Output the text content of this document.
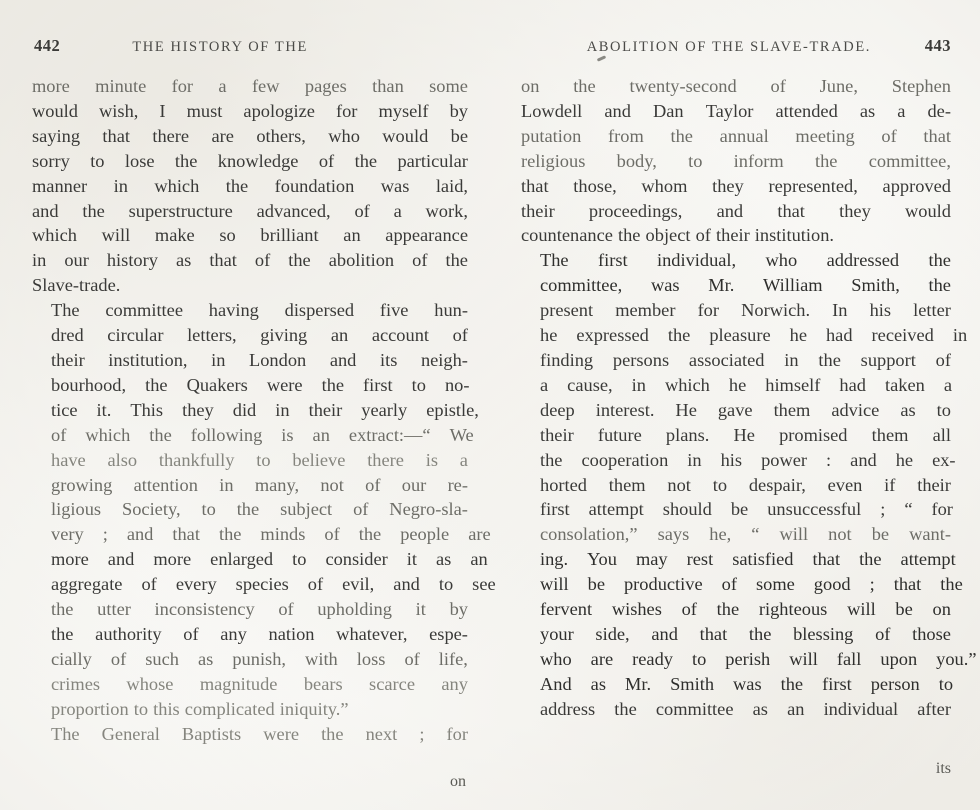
442	THE HISTORY OF THE

more minute for a few pages than some
would wish, I must apologize for myself by
saying that there are others, who would be
sorry to lose the knowledge of the particular
manner in which the foundation was laid,
and the superstructure advanced, of a work,
which will make so brilliant an appearance
in our history as that of the abolition of the
Slave-trade.

The	committee	having	dispersed	five	hun-
dred	circular	letters,	giving	an	account	of
their	institution,	in	London	and	its	neigh-
bourhood,	the	Quakers	were	the	first	to	no-
tice	it.	This	they	did	in	their	yearly	epistle,
of	which	the	following	is	an	extract:—“	We
have	also	thankfully	to	believe	there	is	a
growing	attention	in	many,	not	of	our	re-
ligious	Society,	to	the	subject	of	Negro-sla-
very	;	and	that	the	minds	of	the	people	are
more	and	more	enlarged	to	consider	it	as	an
aggregate	of	every	species	of	evil,	and	to	see
the	utter	inconsistency	of	upholding	it	by
the	authority	of	any	nation	whatever,	espe-
cially	of	such	as	punish,	with	loss	of	life,
crimes	whose	magnitude	bears	scarce	any
proportion to this complicated iniquity.”

The	General	Baptists	were	the	next	;	for

on
ABOLITION OF THE SLAVE-TRADE.	443

on the twenty-second of June, Stephen
Lowdell and Dan Taylor attended as a de-
putation from the annual meeting of that
religious body, to inform the committee,
that those, whom they represented, approved
their proceedings, and that they would
countenance the object of their institution.

The	first	individual,	who	addressed	the
committee,	was	Mr.	William	Smith,	the
present	member	for	Norwich.	In	his	letter
he	expressed	the	pleasure	he	had	received	in
finding	persons	associated	in	the	support	of
a	cause,	in	which	he	himself	had	taken	a
deep	interest.	He	gave	them	advice	as	to
their	future	plans.	He	promised	them	all
the	cooperation	in	his	power	:	and	he	ex-
horted	them	not	to	despair,	even	if	their
first	attempt	should	be	unsuccessful	;	“	for
consolation,”	says	he,	“	will	not	be	want-
ing.	You	may	rest	satisfied	that	the	attempt
will	be	productive	of	some	good	;	that	the
fervent	wishes	of	the	righteous	will	be	on
your	side,	and	that	the	blessing	of	those
who	are	ready	to	perish	will	fall	upon	you.”
And	as	Mr.	Smith	was	the	first	person	to
address	the	committee	as	an	individual	after

its
